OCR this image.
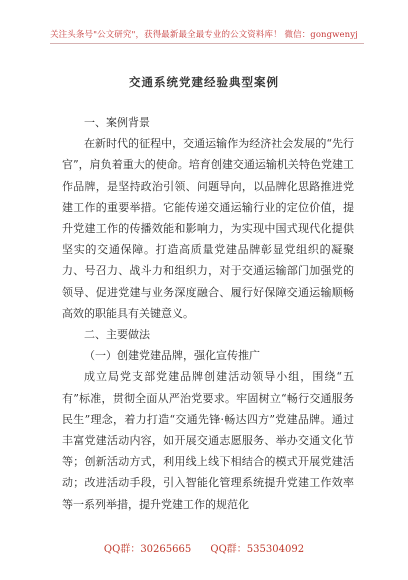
关注头条号"公文研究"，获得最新最全最专业的公文资料库！ 微信：gongwenyj
交通系统党建经验典型案例
一、案例背景

在新时代的征程中，交通运输作为经济社会发展的“先行官”，肩负着重大的使命。培育创建交通运输机关特色党建工作品牌，是坚持政治引领、问题导向，以品牌化思路推进党建工作的重要举措。它能传递交通运输行业的定位价值，提升党建工作的传播效能和影响力，为实现中国式现代化提供坚实的交通保障。打造高质量党建品牌彰显党组织的凝聚力、号召力、战斗力和组织力，对于交通运输部门加强党的领导、促进党建与业务深度融合、履行好保障交通运输顺畅高效的职能具有关键意义。

二、主要做法
（一）创建党建品牌，强化宣传推广

成立局党支部党建品牌创建活动领导小组，围绕“五有”标准，贯彻全面从严治党要求。牢固树立“畅行交通服务民生”理念，着力打造“交通先锋·畅达四方”党建品牌。通过丰富党建活动内容，如开展交通志愿服务、举办交通文化节等；创新活动方式，利用线上线下相结合的模式开展党建活动；改进活动手段，引入智能化管理系统提升党建工作效率等一系列举措，提升党建工作的规范化

QQ群：30265665 QQ群：535304092
